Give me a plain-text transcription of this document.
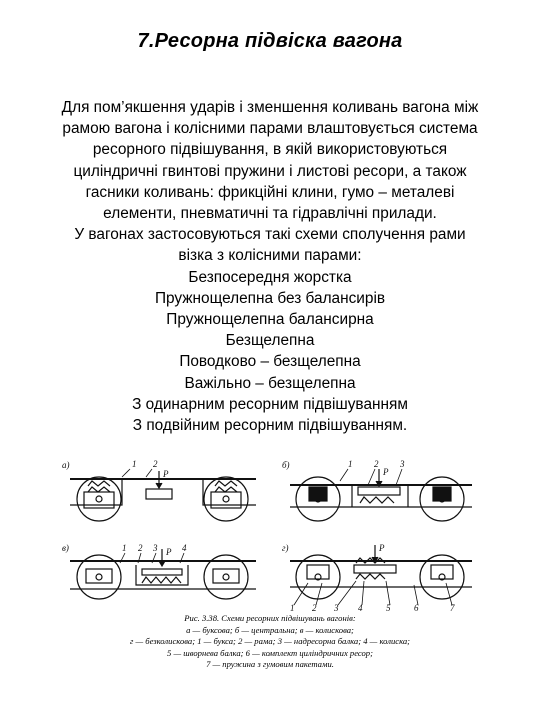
7.Ресорна підвіска вагона
Для пом’якшення ударів і зменшення коливань вагона між
рамою вагона і колісними парами влаштовується система
ресорного підвішування, в якій використовуються
циліндричні гвинтові пружини і листові ресори, а також
гасники коливань: фрикційні клини, гумо – металеві
елементи, пневматичні та гідравлічні прилади.
У вагонах застосовуються такі схеми сполучення рами
візка з колісними парами:
Безпосередня жорстка
Пружнощелепна без балансирів
Пружнощелепна балансирна
Безщелепна
Поводково – безщелепна
Важільно – безщелепна
З одинарним ресорним підвішуванням
З подвійним ресорним підвішуванням.
а)
P
1 2	б)
P
1 2 3
в)	P
1 2 3	4	г)	P
1 2 3 4	5	6	7
Рис. 3.38. Схеми ресорних підвішувань вагонів:
а — буксова; б — центральна; в — колискова;
г — безколискова; 1 — букса; 2 — рама; 3 — надресорна балка; 4 — колиска;
5 — шворнева балка; 6 — комплект циліндричних ресор;
7 — пружина з гумовим пакетами.
